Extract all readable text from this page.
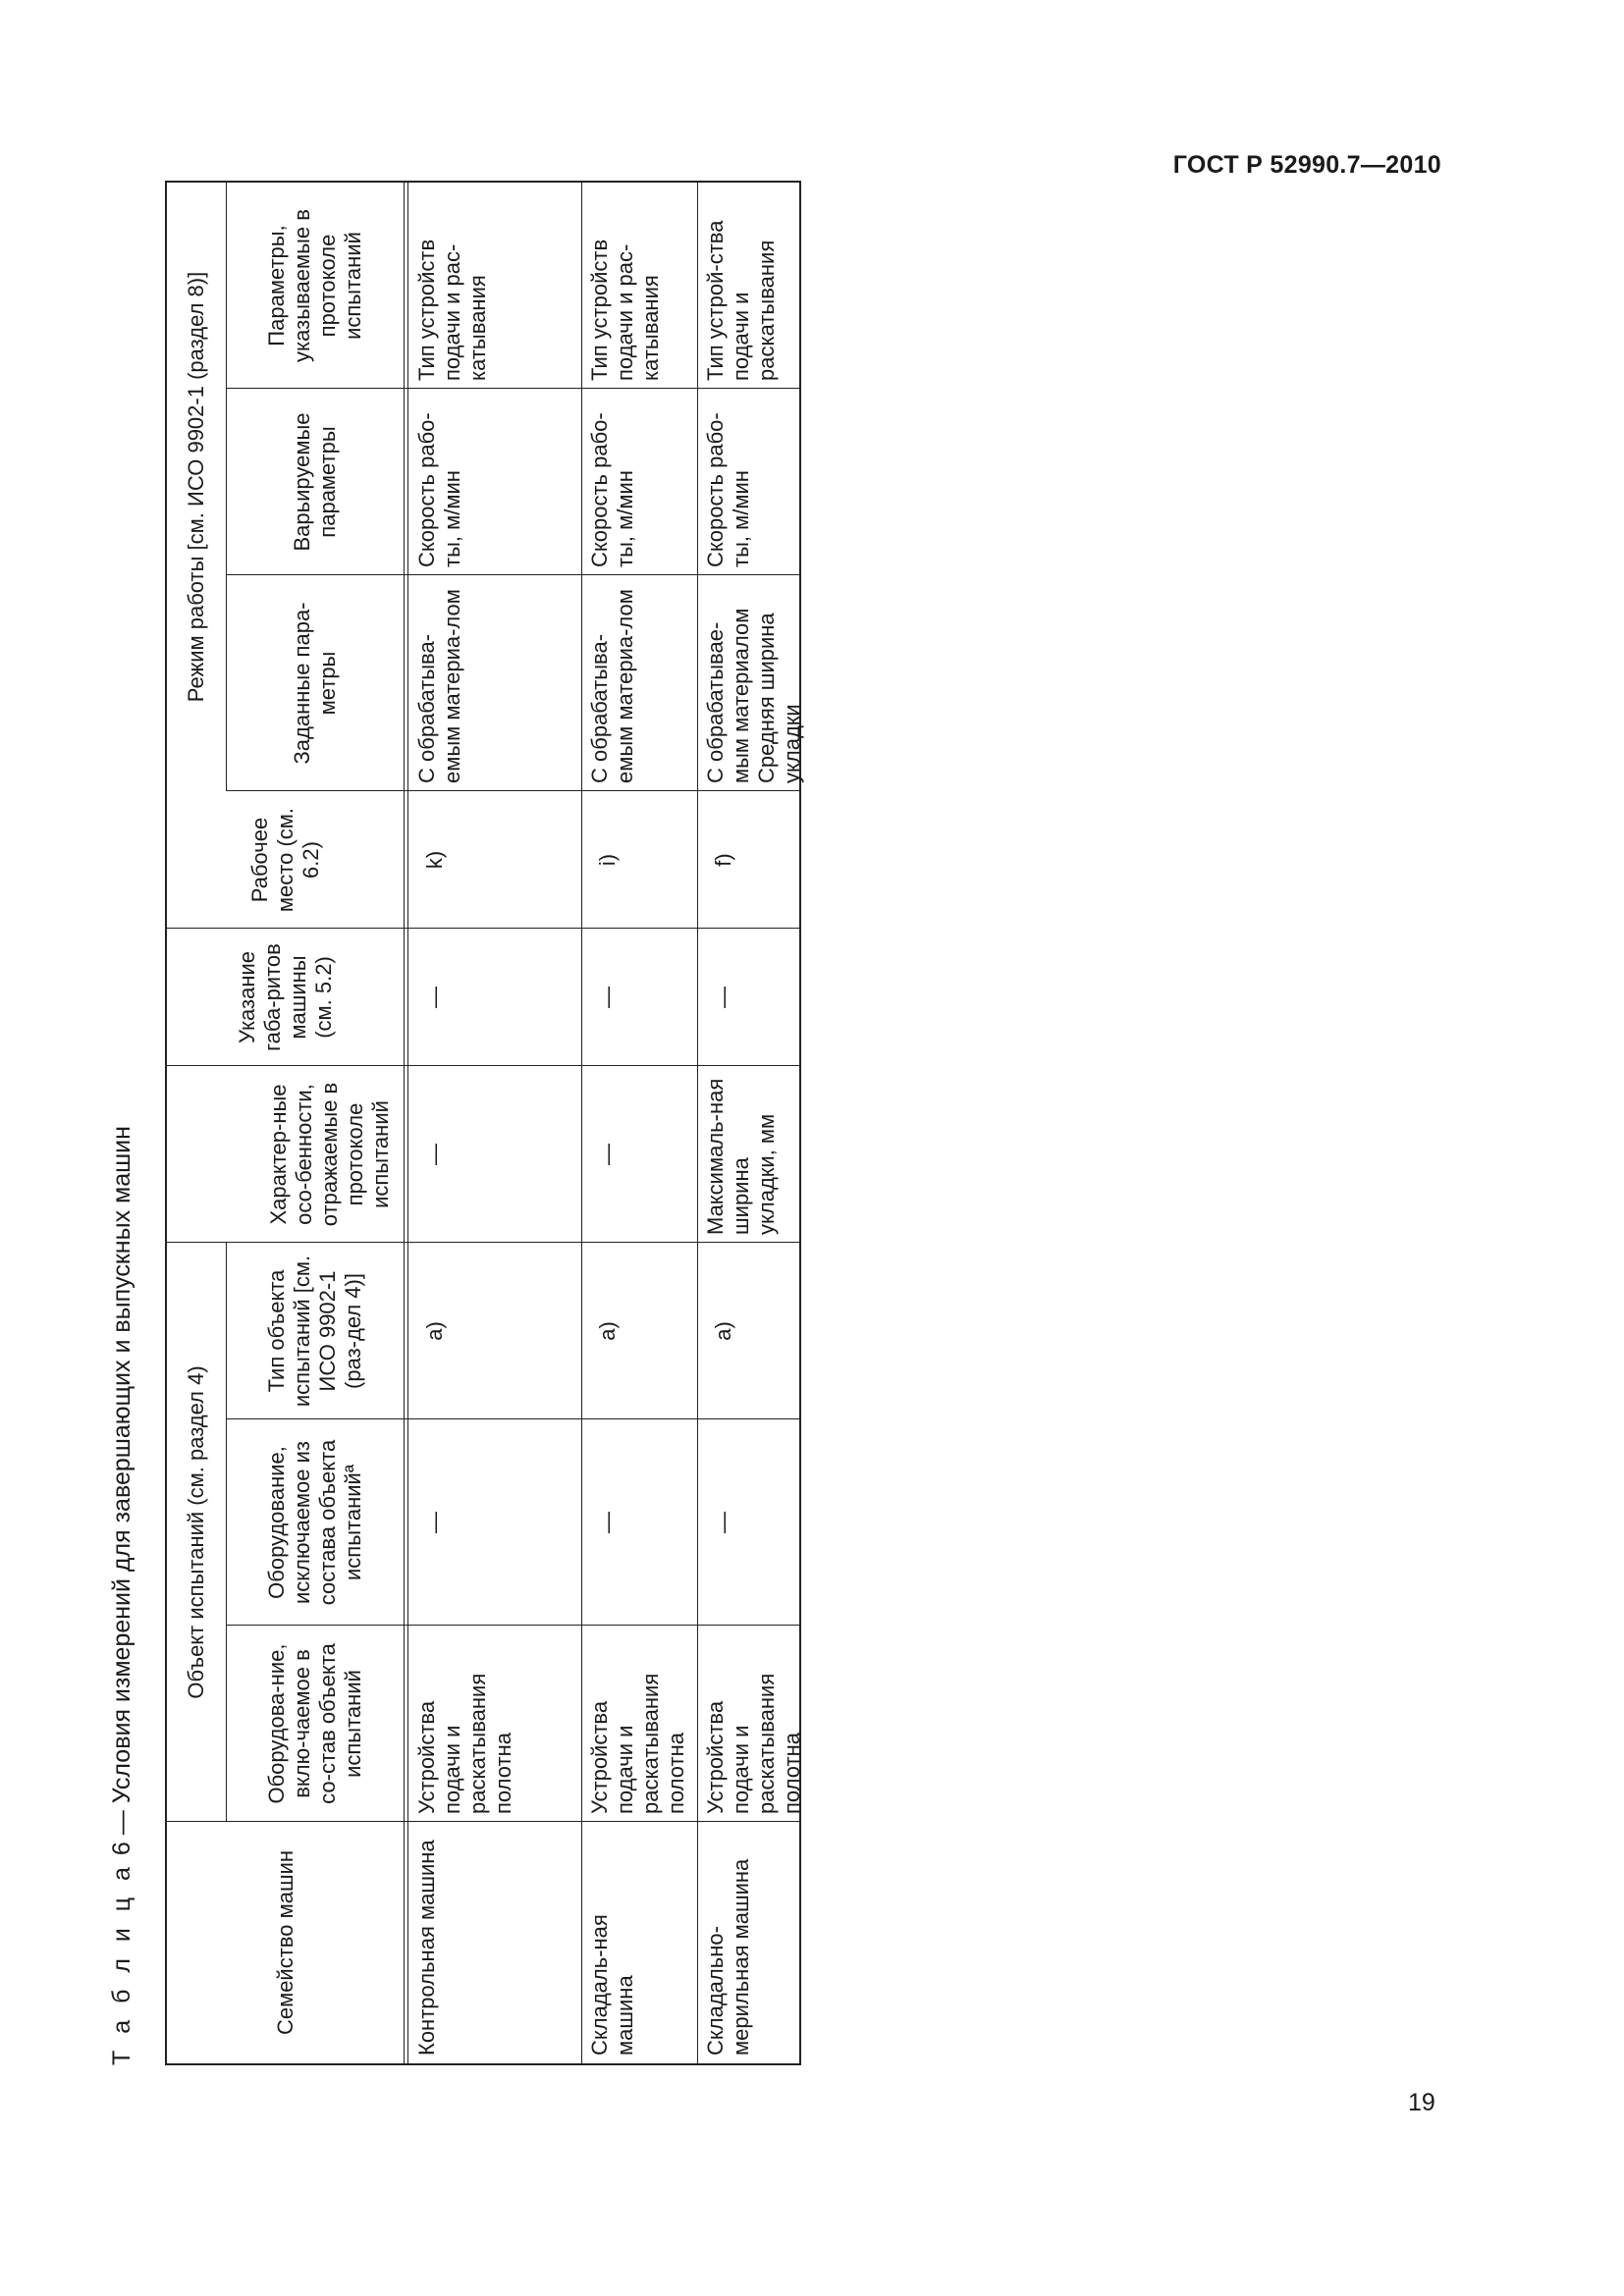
ГОСТ Р 52990.7—2010
Т а б л и ц а 6 — Условия измерений для завершающих и выпускных машин
Семейство машин
Оборудова-ние, вклю-чаемое в со-став объекта испытаний
Оборудование, исключаемое из состава объекта испытанийª
Тип объекта испытаний [см. ИСО 9902-1 (раз-дел 4)]
Характер-ные осо-бенности, отражаемые в протоколе испытаний
Указание габа-ритов машины (см. 5.2)
Рабочее место (см. 6.2)
Заданные пара-метры
Варьируемые параметры
Параметры, указываемые в протоколе испытаний
Объект испытаний (см. раздел 4)
Режим работы [см. ИСО 9902-1 (раздел 8)]
Контрольная машина
Устройства подачи и раскатывания полотна
—
a)
—
—
k)
С обрабатыва-емым материа-лом
Скорость рабо-ты, м/мин
Тип устройств подачи и рас-катывания
Складаль-ная машина
Устройства подачи и раскатывания полотна
—
a)
—
—
i)
С обрабатыва-емым материа-лом
Скорость рабо-ты, м/мин
Тип устройств подачи и рас-катывания
Складально-мерильная машина
Устройства подачи и раскатывания полотна
—
a)
Максималь-ная ширина укладки, мм
—
f)
С обрабатывае-мым материалом Средняя ширина укладки
Скорость рабо-ты, м/мин
Тип устрой-ства подачи и раскатывания
19
